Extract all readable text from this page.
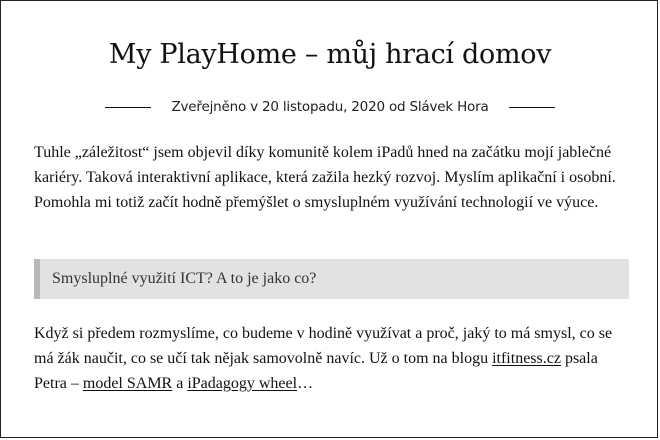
My PlayHome – můj hrací domov
Zveřejněno v 20 listopadu, 2020 od Slávek Hora

Tuhle „záležitost“ jsem objevil díky komunitě kolem iPadů hned na začátku mojí jablečné kariéry. Taková interaktivní aplikace, která zažila hezký rozvoj. Myslím aplikační i osobní. Pomohla mi totiž začít hodně přemýšlet o smysluplném využívání technologií ve výuce.

Smysluplné využití ICT? A to je jako co?

Když si předem rozmyslíme, co budeme v hodině využívat a proč, jaký to má smysl, co se má žák naučit, co se učí tak nějak samovolně navíc. Už o tom na blogu itfitness.cz psala Petra – model SAMR a iPadagogy wheel…
